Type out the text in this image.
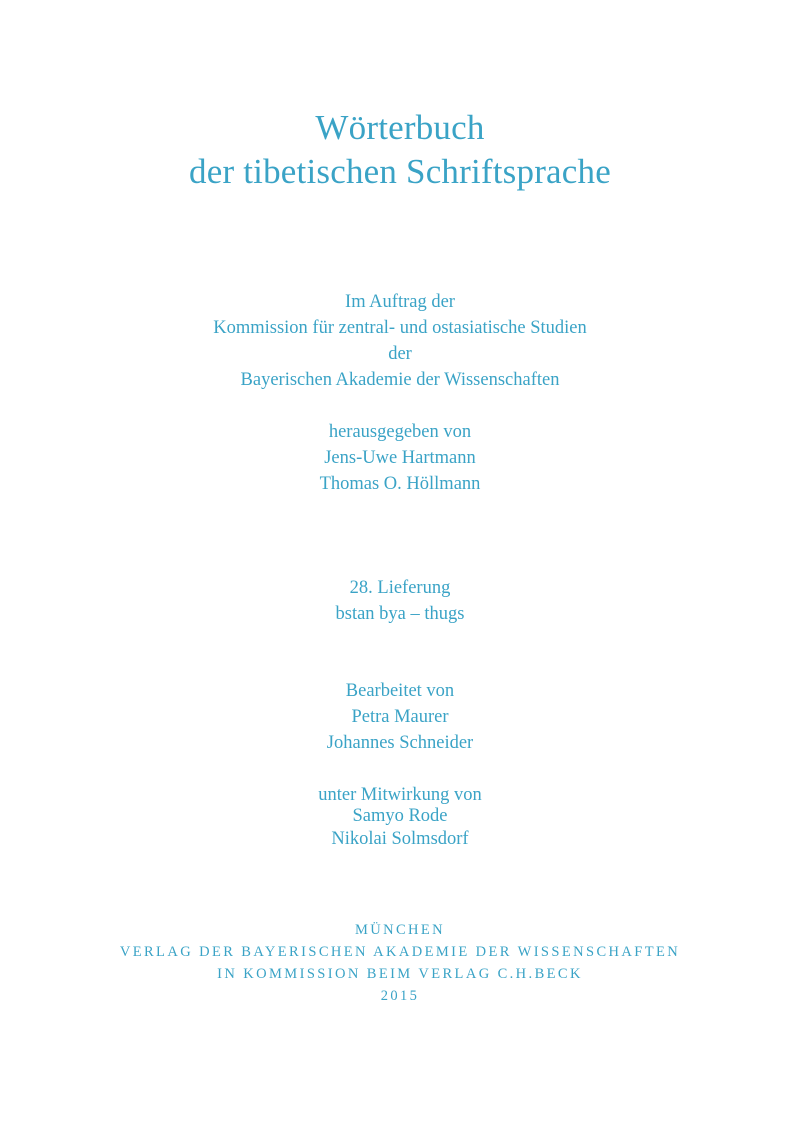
Wörterbuch
der tibetischen Schriftsprache
Im Auftrag der
Kommission für zentral- und ostasiatische Studien
der
Bayerischen Akademie der Wissenschaften
herausgegeben von
Jens-Uwe Hartmann
Thomas O. Höllmann
28. Lieferung
bstan bya – thugs
Bearbeitet von
Petra Maurer
Johannes Schneider
unter Mitwirkung von
Samyo Rode
Nikolai Solmsdorf
MÜNCHEN
VERLAG DER BAYERISCHEN AKADEMIE DER WISSENSCHAFTEN
IN KOMMISSION BEIM VERLAG C.H.BECK
2015
